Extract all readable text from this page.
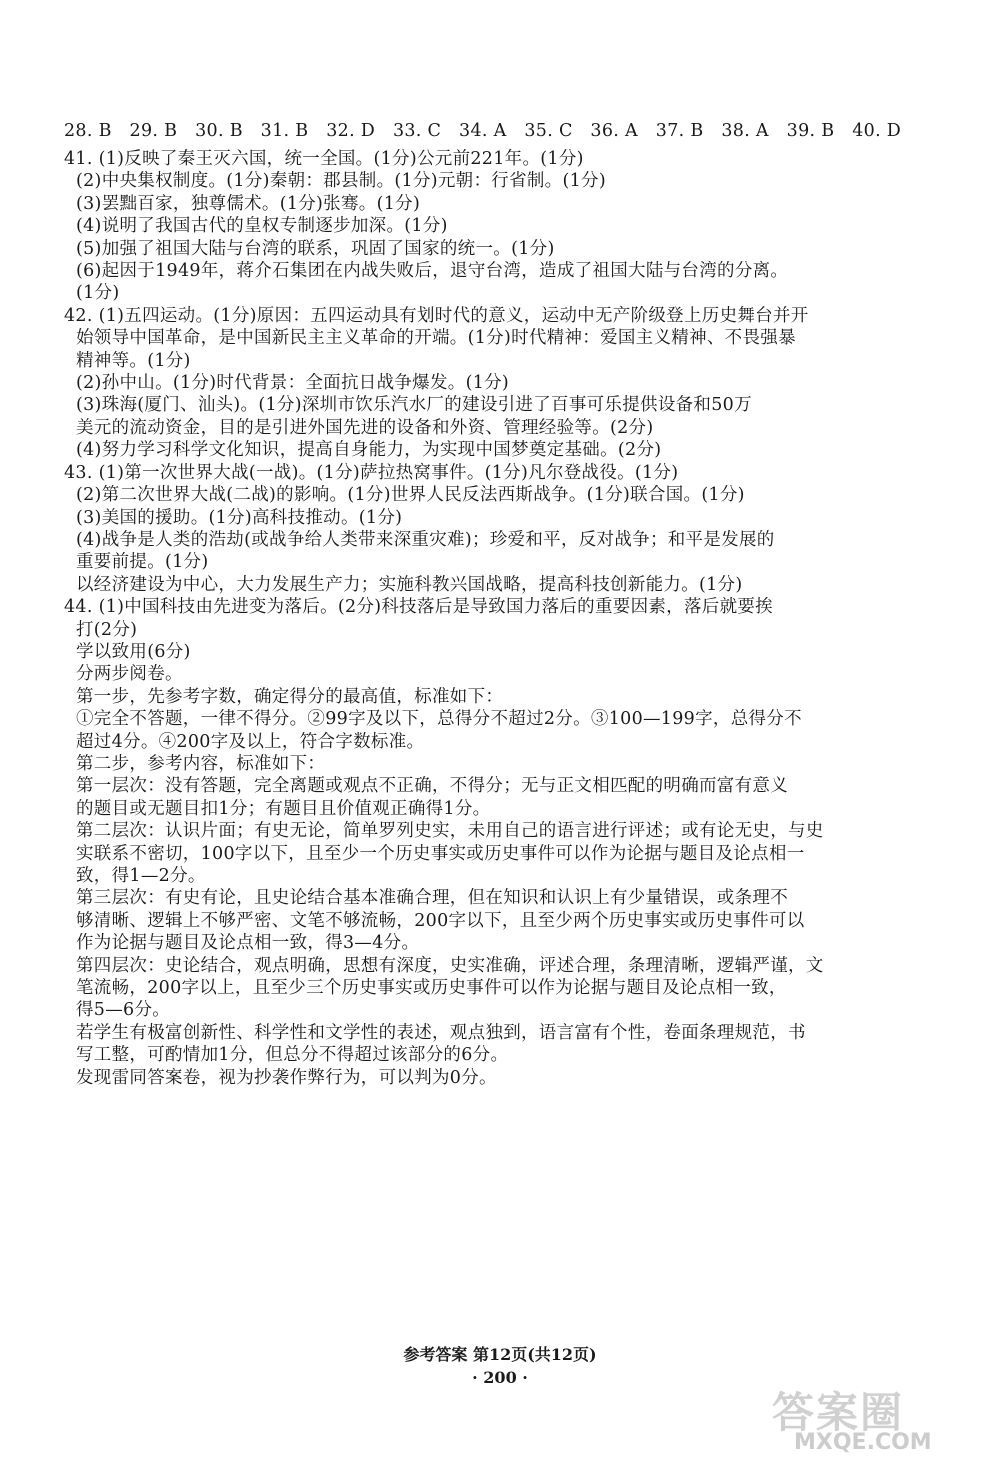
28. B　29. B　30. B　31. B　32. D　33. C　34. A　35. C　36. A　37. B　38. A　39. B　40. D
41. (1)反映了秦王灭六国，统一全国。(1分)公元前221年。(1分)
(2)中央集权制度。(1分)秦朝：郡县制。(1分)元朝：行省制。(1分)
(3)罢黜百家，独尊儒术。(1分)张骞。(1分)
(4)说明了我国古代的皇权专制逐步加深。(1分)
(5)加强了祖国大陆与台湾的联系，巩固了国家的统一。(1分)
(6)起因于1949年，蒋介石集团在内战失败后，退守台湾，造成了祖国大陆与台湾的分离。
(1分)
42. (1)五四运动。(1分)原因：五四运动具有划时代的意义，运动中无产阶级登上历史舞台并开
始领导中国革命，是中国新民主主义革命的开端。(1分)时代精神：爱国主义精神、不畏强暴
精神等。(1分)
(2)孙中山。(1分)时代背景：全面抗日战争爆发。(1分)
(3)珠海(厦门、汕头)。(1分)深圳市饮乐汽水厂的建设引进了百事可乐提供设备和50万
美元的流动资金，目的是引进外国先进的设备和外资、管理经验等。(2分)
(4)努力学习科学文化知识，提高自身能力，为实现中国梦奠定基础。(2分)
43. (1)第一次世界大战(一战)。(1分)萨拉热窝事件。(1分)凡尔登战役。(1分)
(2)第二次世界大战(二战)的影响。(1分)世界人民反法西斯战争。(1分)联合国。(1分)
(3)美国的援助。(1分)高科技推动。(1分)
(4)战争是人类的浩劫(或战争给人类带来深重灾难)；珍爱和平，反对战争；和平是发展的
重要前提。(1分)
以经济建设为中心，大力发展生产力；实施科教兴国战略，提高科技创新能力。(1分)
44. (1)中国科技由先进变为落后。(2分)科技落后是导致国力落后的重要因素，落后就要挨
打(2分)
学以致用(6分)
分两步阅卷。
第一步，先参考字数，确定得分的最高值，标准如下：
①完全不答题，一律不得分。②99字及以下，总得分不超过2分。③100—199字，总得分不
超过4分。④200字及以上，符合字数标准。
第二步，参考内容，标准如下：
第一层次：没有答题，完全离题或观点不正确，不得分；无与正文相匹配的明确而富有意义
的题目或无题目扣1分；有题目且价值观正确得1分。
第二层次：认识片面；有史无论，简单罗列史实，未用自己的语言进行评述；或有论无史，与史
实联系不密切，100字以下，且至少一个历史事实或历史事件可以作为论据与题目及论点相一
致，得1—2分。
第三层次：有史有论，且史论结合基本准确合理，但在知识和认识上有少量错误，或条理不
够清晰、逻辑上不够严密、文笔不够流畅，200字以下，且至少两个历史事实或历史事件可以
作为论据与题目及论点相一致，得3—4分。
第四层次：史论结合，观点明确，思想有深度，史实准确，评述合理，条理清晰，逻辑严谨，文
笔流畅，200字以上，且至少三个历史事实或历史事件可以作为论据与题目及论点相一致，
得5—6分。
若学生有极富创新性、科学性和文学性的表述，观点独到，语言富有个性，卷面条理规范，书
写工整，可酌情加1分，但总分不得超过该部分的6分。
发现雷同答案卷，视为抄袭作弊行为，可以判为0分。
参考答案 第12页(共12页)
· 200 ·
答案圈
MXQE.COM
